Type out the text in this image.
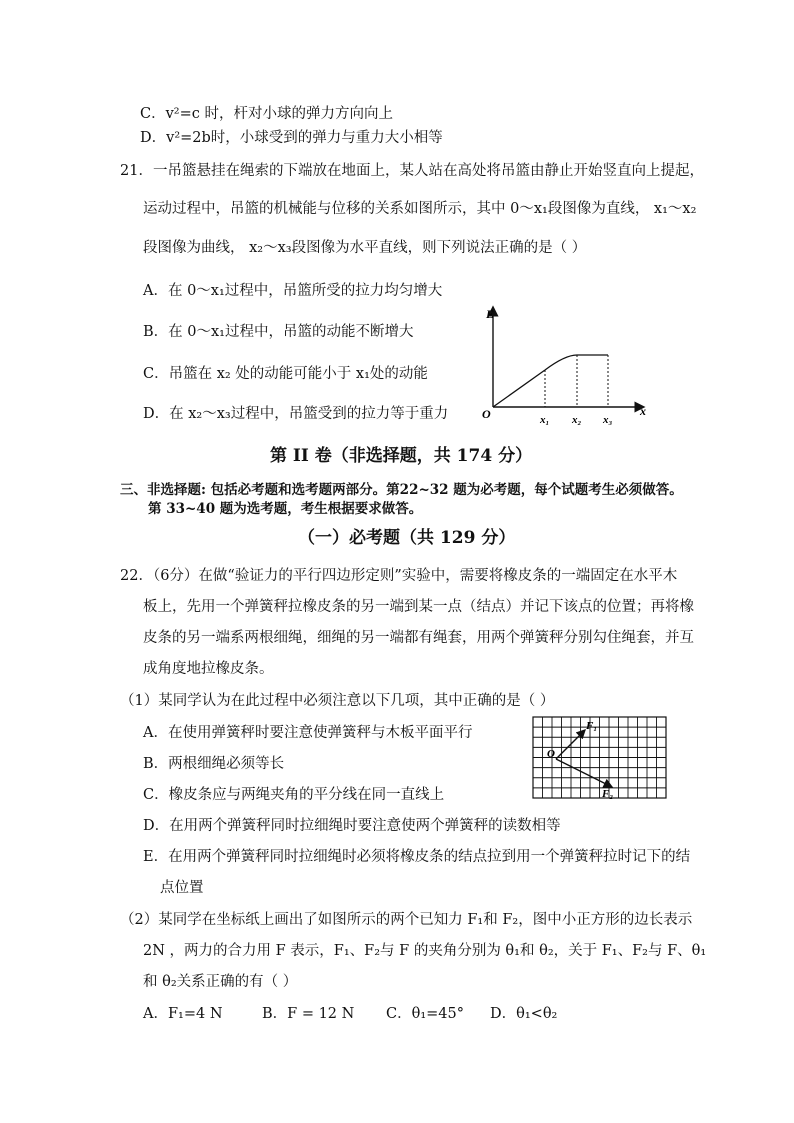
C．v²=c 时，杆对小球的弹力方向向上
D．v²=2b时，小球受到的弹力与重力大小相等
21．一吊篮悬挂在绳索的下端放在地面上，某人站在高处将吊篮由静止开始竖直向上提起，
运动过程中，吊篮的机械能与位移的关系如图所示，其中 0～x₁段图像为直线， x₁～x₂
段图像为曲线， x₂～x₃段图像为水平直线，则下列说法正确的是（ ）
A．在 0～x₁过程中，吊篮所受的拉力均匀增大
B．在 0～x₁过程中，吊篮的动能不断增大
C．吊篮在 x₂ 处的动能可能小于 x₁处的动能
D．在 x₂～x₃过程中，吊篮受到的拉力等于重力
E
x
O	x₁ x₂ x₃
第 II 卷（非选择题，共 174 分）
三、非选择题: 包括必考题和选考题两部分。第22~32 题为必考题，每个试题考生必须做答。
第 33~40 题为选考题，考生根据要求做答。
（一）必考题（共 129 分）
22．（6分）在做“验证力的平行四边形定则”实验中，需要将橡皮条的一端固定在水平木
板上，先用一个弹簧秤拉橡皮条的另一端到某一点（结点）并记下该点的位置；再将橡
皮条的另一端系两根细绳，细绳的另一端都有绳套，用两个弹簧秤分别勾住绳套，并互
成角度地拉橡皮条。
（1）某同学认为在此过程中必须注意以下几项，其中正确的是（ ）
A．在使用弹簧秤时要注意使弹簧秤与木板平面平行
B．两根细绳必须等长
C．橡皮条应与两绳夹角的平分线在同一直线上
D．在用两个弹簧秤同时拉细绳时要注意使两个弹簧秤的读数相等
E．在用两个弹簧秤同时拉细绳时必须将橡皮条的结点拉到用一个弹簧秤拉时记下的结
点位置
O
F₁
F₂
（2）某同学在坐标纸上画出了如图所示的两个已知力 F₁和 F₂，图中小正方形的边长表示
2N ，两力的合力用 F 表示，F₁、F₂与 F 的夹角分别为 θ₁和 θ₂，关于 F₁、F₂与 F、θ₁
和 θ₂关系正确的有（ ）
A．F₁=4 N	B．F = 12 N C．θ₁=45° D．θ₁<θ₂
